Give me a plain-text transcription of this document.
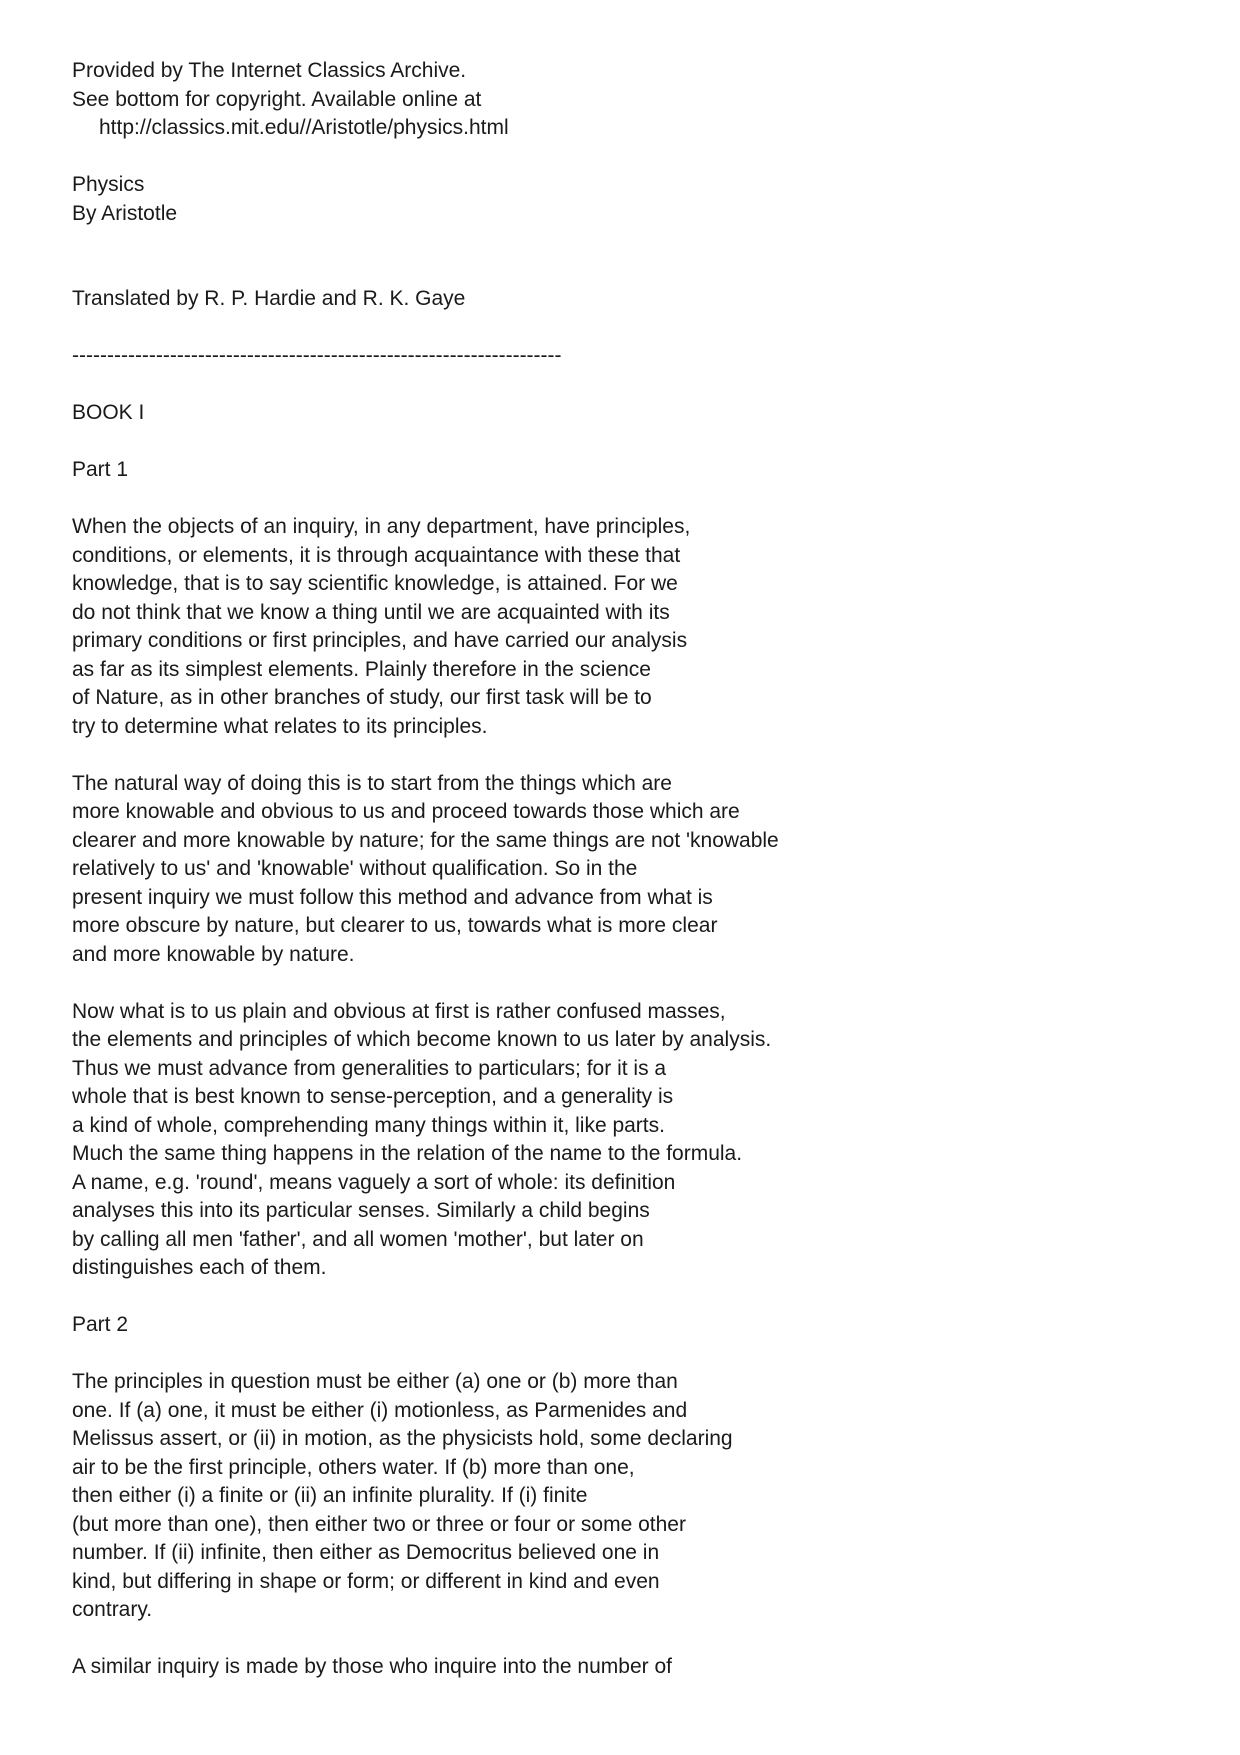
Provided by The Internet Classics Archive.
See bottom for copyright. Available online at
http://classics.mit.edu//Aristotle/physics.html
Physics
By Aristotle
Translated by R. P. Hardie and R. K. Gaye
----------------------------------------------------------------------
BOOK I
Part 1
When the objects of an inquiry, in any department, have principles,
conditions, or elements, it is through acquaintance with these that
knowledge, that is to say scientific knowledge, is attained. For we
do not think that we know a thing until we are acquainted with its
primary conditions or first principles, and have carried our analysis
as far as its simplest elements. Plainly therefore in the science
of Nature, as in other branches of study, our first task will be to
try to determine what relates to its principles.
The natural way of doing this is to start from the things which are
more knowable and obvious to us and proceed towards those which are
clearer and more knowable by nature; for the same things are not 'knowable
relatively to us' and 'knowable' without qualification. So in the
present inquiry we must follow this method and advance from what is
more obscure by nature, but clearer to us, towards what is more clear
and more knowable by nature.
Now what is to us plain and obvious at first is rather confused masses,
the elements and principles of which become known to us later by analysis.
Thus we must advance from generalities to particulars; for it is a
whole that is best known to sense-perception, and a generality is
a kind of whole, comprehending many things within it, like parts.
Much the same thing happens in the relation of the name to the formula.
A name, e.g. 'round', means vaguely a sort of whole: its definition
analyses this into its particular senses. Similarly a child begins
by calling all men 'father', and all women 'mother', but later on
distinguishes each of them.
Part 2
The principles in question must be either (a) one or (b) more than
one. If (a) one, it must be either (i) motionless, as Parmenides and
Melissus assert, or (ii) in motion, as the physicists hold, some declaring
air to be the first principle, others water. If (b) more than one,
then either (i) a finite or (ii) an infinite plurality. If (i) finite
(but more than one), then either two or three or four or some other
number. If (ii) infinite, then either as Democritus believed one in
kind, but differing in shape or form; or different in kind and even
contrary.
A similar inquiry is made by those who inquire into the number of
